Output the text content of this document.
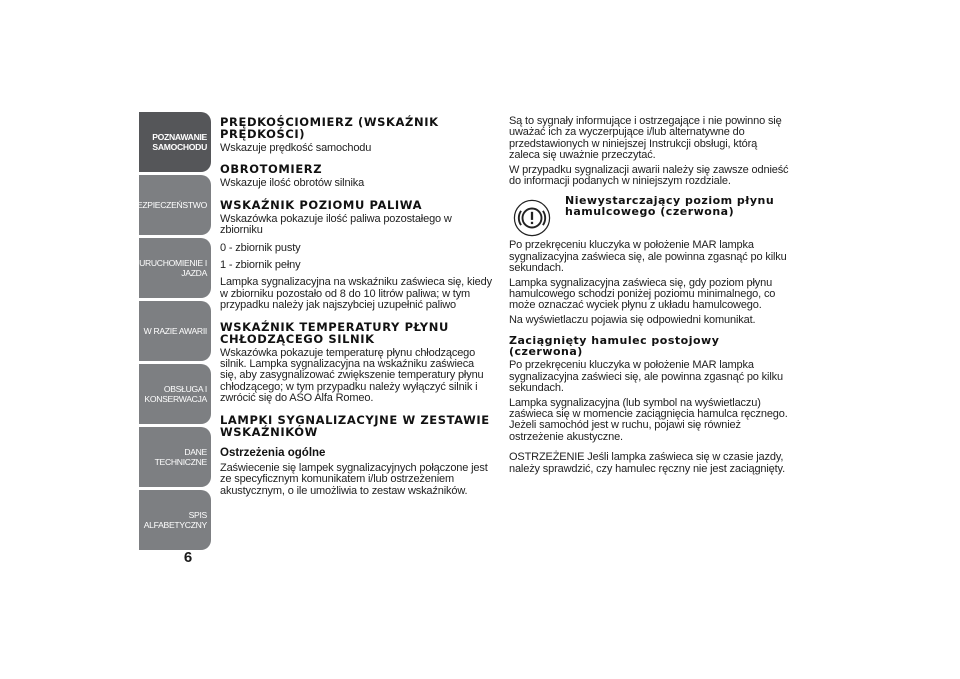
POZNAWANIE
SAMOCHODU
BEZPIECZEŃSTWO
URUCHOMIENIE I
JAZDA
W RAZIE AWARII
OBSŁUGA I
KONSERWACJA
DANE TECHNICZNE
SPIS ALFABETYCZNY
6
PRĘDKOŚCIOMIERZ (WSKAŹNIK PRĘDKOŚCI)

Wskazuje prędkość samochodu

OBROTOMIERZ

Wskazuje ilość obrotów silnika

WSKAŹNIK POZIOMU PALIWA

Wskazówka pokazuje ilość paliwa pozostałego w zbiorniku

0 - zbiornik pusty

1 - zbiornik pełny

Lampka sygnalizacyjna na wskaźniku zaświeca się, kiedy w zbiorniku pozostało od 8 do 10 litrów paliwa; w tym przypadku należy jak najszybciej uzupełnić paliwo

WSKAŹNIK TEMPERATURY PŁYNU CHŁODZĄCEGO SILNIK

Wskazówka pokazuje temperaturę płynu chłodzącego silnik. Lampka sygnalizacyjna na wskaźniku zaświeca się, aby zasygnalizować zwiększenie temperatury płynu chłodzącego; w tym przypadku należy wyłączyć silnik i zwrócić się do ASO Alfa Romeo.

LAMPKI SYGNALIZACYJNE W ZESTAWIE WSKAŹNIKÓW
Ostrzeżenia ogólne

Zaświecenie się lampek sygnalizacyjnych połączone jest ze specyficznym komunikatem i/lub ostrzeżeniem akustycznym, o ile umożliwia to zestaw wskaźników.

Są to sygnały informujące i ostrzegające i nie powinno się uważać ich za wyczerpujące i/lub alternatywne do przedstawionych w niniejszej Instrukcji obsługi, którą zaleca się uważnie przeczytać.

W przypadku sygnalizacji awarii należy się zawsze odnieść do informacji podanych w niniejszym rozdziale.

Niewystarczający poziom płynu hamulcowego (czerwona)

Po przekręceniu kluczyka w położenie MAR lampka sygnalizacyjna zaświeca się, ale powinna zgasnąć po kilku sekundach.

Lampka sygnalizacyjna zaświeca się, gdy poziom płynu hamulcowego schodzi poniżej poziomu minimalnego, co może oznaczać wyciek płynu z układu hamulcowego.

Na wyświetlaczu pojawia się odpowiedni komunikat.

Zaciągnięty hamulec postojowy (czerwona)

Po przekręceniu kluczyka w położenie MAR lampka sygnalizacyjna zaświeci się, ale powinna zgasnąć po kilku sekundach.

Lampka sygnalizacyjna (lub symbol na wyświetlaczu) zaświeca się w momencie zaciągnięcia hamulca ręcznego. Jeżeli samochód jest w ruchu, pojawi się również ostrzeżenie akustyczne.

OSTRZEŻENIE Jeśli lampka zaświeca się w czasie jazdy, należy sprawdzić, czy hamulec ręczny nie jest zaciągnięty.
